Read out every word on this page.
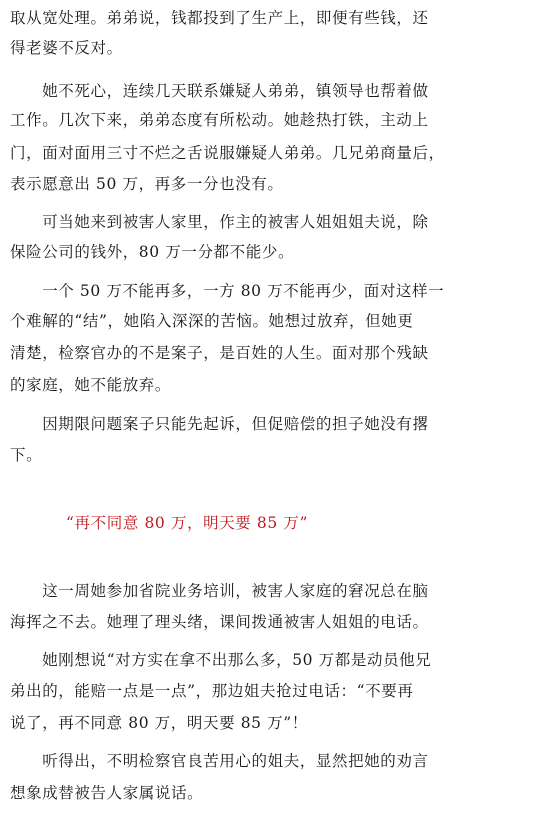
取从宽处理。弟弟说，钱都投到了生产上，即便有些钱，还
得老婆不反对。
　　她不死心，连续几天联系嫌疑人弟弟，镇领导也帮着做
工作。几次下来，弟弟态度有所松动。她趁热打铁，主动上
门，面对面用三寸不烂之舌说服嫌疑人弟弟。几兄弟商量后，
表示愿意出 50 万，再多一分也没有。
　　可当她来到被害人家里，作主的被害人姐姐姐夫说，除
保险公司的钱外，80 万一分都不能少。
　　一个 50 万不能再多，一方 80 万不能再少，面对这样一
个难解的“结”，她陷入深深的苦恼。她想过放弃，但她更
清楚，检察官办的不是案子，是百姓的人生。面对那个残缺
的家庭，她不能放弃。
　　因期限问题案子只能先起诉，但促赔偿的担子她没有撂
下。
“再不同意 80 万，明天要 85 万”
　　这一周她参加省院业务培训，被害人家庭的窘况总在脑
海挥之不去。她理了理头绪，课间拨通被害人姐姐的电话。
　　她刚想说“对方实在拿不出那么多，50 万都是动员他兄
弟出的，能赔一点是一点”，那边姐夫抢过电话：“不要再
说了，再不同意 80 万，明天要 85 万”！
　　听得出，不明检察官良苦用心的姐夫，显然把她的劝言
想象成替被告人家属说话。
